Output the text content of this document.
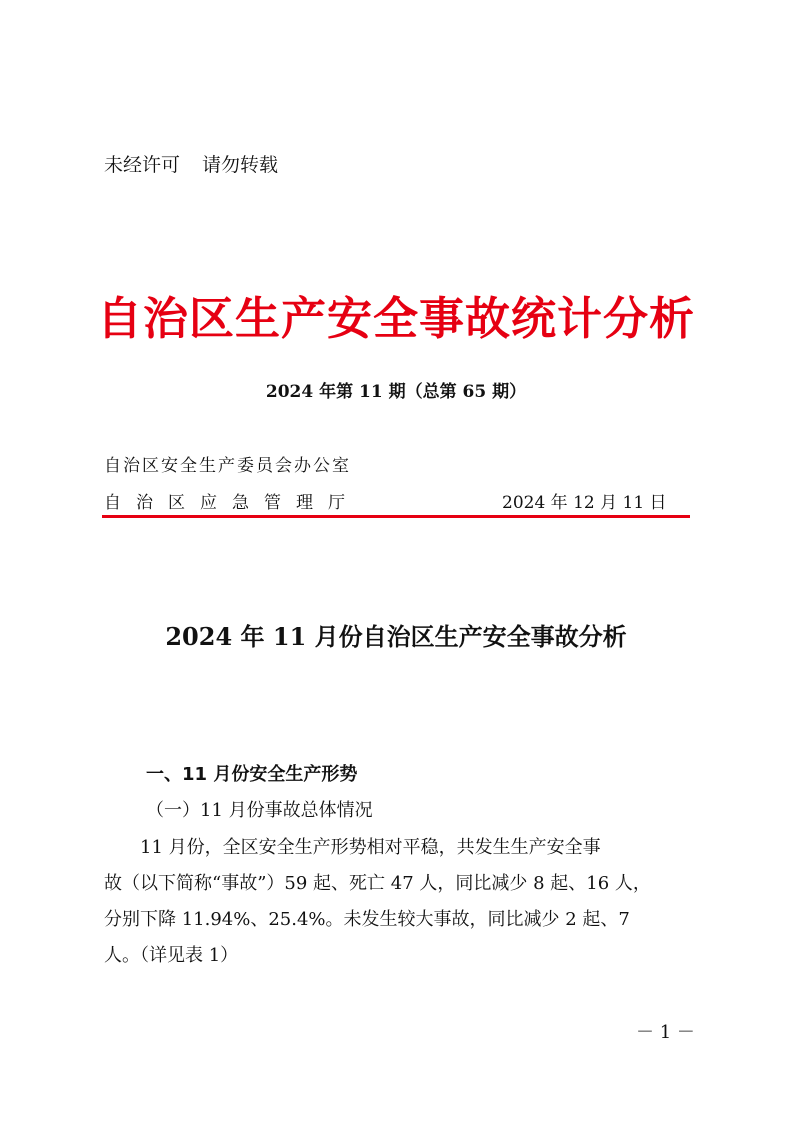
未经许可 请勿转载
自治区生产安全事故统计分析
2024 年第 11 期（总第 65 期）
自治区安全生产委员会办公室
自治区应急管理厅	2024 年 12 月 11 日
2024 年 11 月份自治区生产安全事故分析
一、11 月份安全生产形势
（一）11 月份事故总体情况

　　11 月份，全区安全生产形势相对平稳，共发生生产安全事

故（以下简称“事故”）59 起、死亡 47 人，同比减少 8 起、16 人，

分别下降 11.94%、25.4%。未发生较大事故，同比减少 2 起、7

人。（详见表 1）

－ 1 －
